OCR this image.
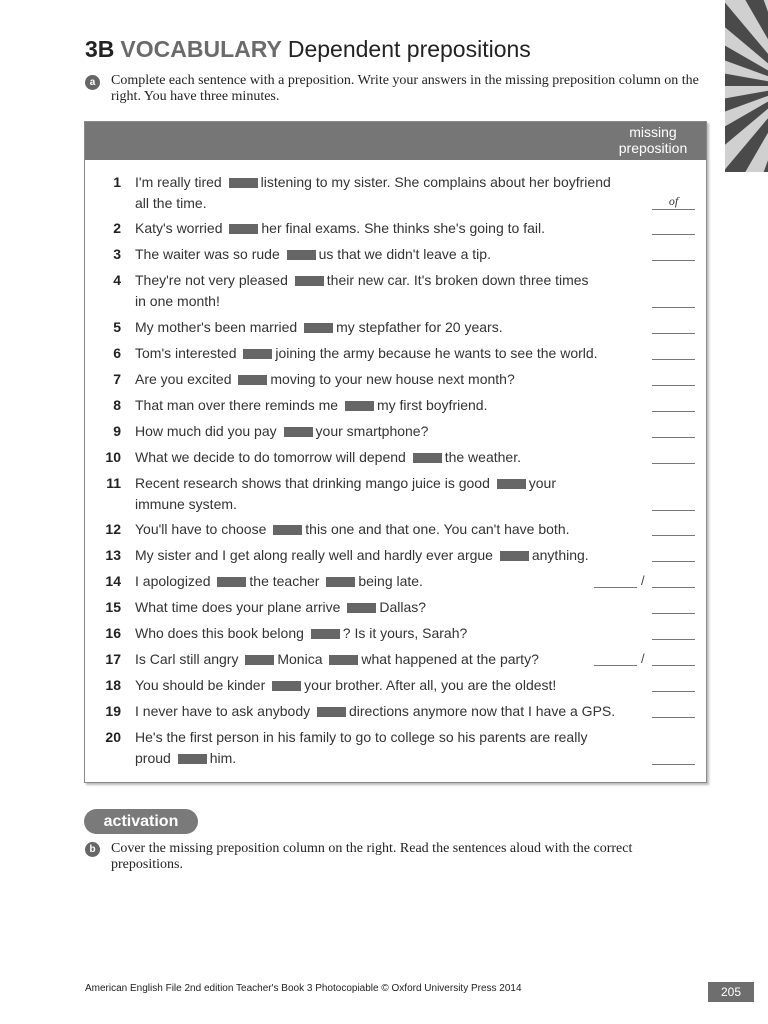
3B VOCABULARY Dependent prepositions
a	Complete each sentence with a preposition. Write your answers in the missing preposition column on the right. You have three minutes.
missing
preposition
1 I'm really tired	listening to my sister. She complains about her boyfriend
all the time.	of
2 Katy's worried	her final exams. She thinks she's going to fail.
3 The waiter was so rude	us that we didn't leave a tip.
4 They're not very pleased	their new car. It's broken down three times
in one month!
5 My mother's been married	my stepfather for 20 years.
6 Tom's interested	joining the army because he wants to see the world.
7 Are you excited	moving to your new house next month?
8 That man over there reminds me	my first boyfriend.
9 How much did you pay	your smartphone?
10 What we decide to do tomorrow will depend	the weather.
11 Recent research shows that drinking mango juice is good	your
immune system.
12 You'll have to choose	this one and that one. You can't have both.
13 My sister and I get along really well and hardly ever argue	anything.
14 I apologized	the teacher	being late.	/
15 What time does your plane arrive	Dallas?
16 Who does this book belong	? Is it yours, Sarah?
17 Is Carl still angry	Monica	what happened at the party?	/
18 You should be kinder	your brother. After all, you are the oldest!
19 I never have to ask anybody	directions anymore now that I have a GPS.
20 He's the first person in his family to go to college so his parents are really
proud	him.
activation
b	Cover the missing preposition column on the right. Read the sentences aloud with the correct prepositions.
American English File 2nd edition Teacher's Book 3 Photocopiable © Oxford University Press 2014	205
